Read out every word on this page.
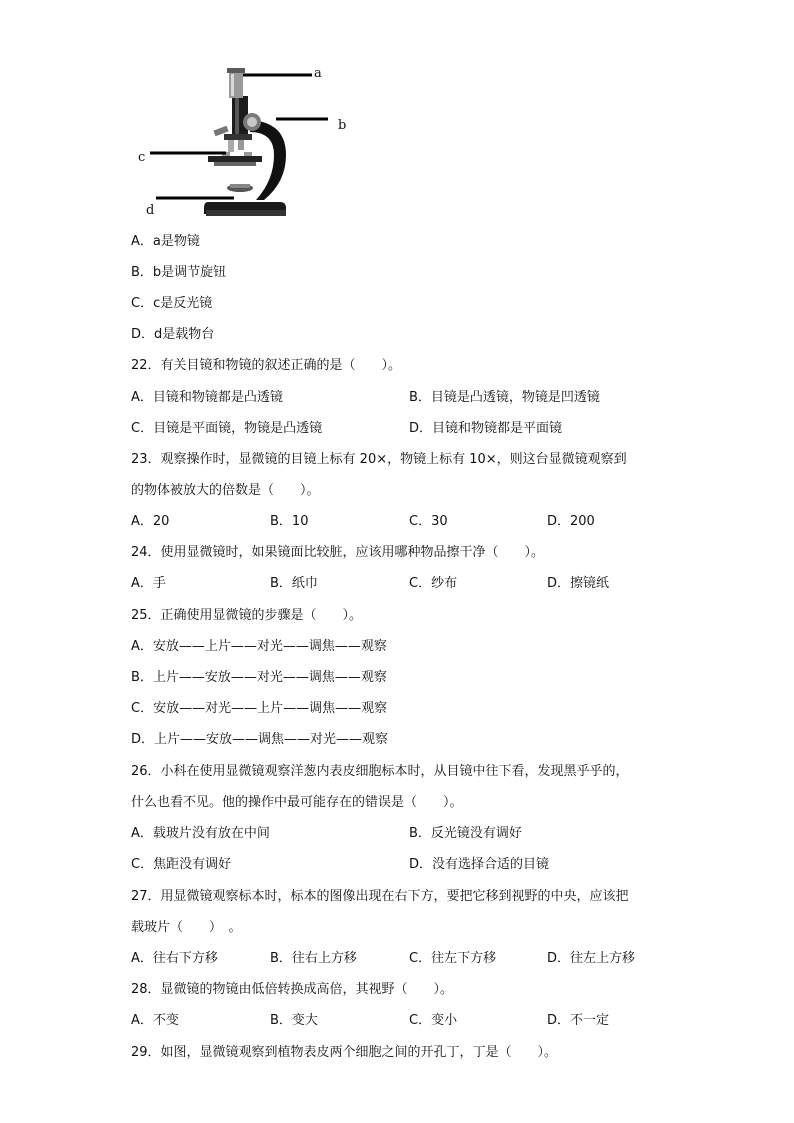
a
b
c
d
A．a是物镜
B．b是调节旋钮
C．c是反光镜
D．d是载物台
22．有关目镜和物镜的叙述正确的是（　　）。
A．目镜和物镜都是凸透镜	B．目镜是凸透镜，物镜是凹透镜
C．目镜是平面镜，物镜是凸透镜	D．目镜和物镜都是平面镜
23．观察操作时，显微镜的目镜上标有 20×，物镜上标有 10×，则这台显微镜观察到
的物体被放大的倍数是（　　）。
A．20	B．10	C．30	D．200
24．使用显微镜时，如果镜面比较脏，应该用哪种物品擦干净（　　）。
A．手	B．纸巾	C．纱布	D．擦镜纸
25．正确使用显微镜的步骤是（　　）。
A．安放——上片——对光——调焦——观察
B．上片——安放——对光——调焦——观察
C．安放——对光——上片——调焦——观察
D．上片——安放——调焦——对光——观察
26．小科在使用显微镜观察洋葱内表皮细胞标本时，从目镜中往下看，发现黑乎乎的，
什么也看不见。他的操作中最可能存在的错误是（　　）。
A．载玻片没有放在中间	B．反光镜没有调好
C．焦距没有调好	D．没有选择合适的目镜
27．用显微镜观察标本时，标本的图像出现在右下方，要把它移到视野的中央，应该把
载玻片（　　）　。
A．往右下方移	B．往右上方移	C．往左下方移	D．往左上方移
28．显微镜的物镜由低倍转换成高倍，其视野（　　）。
A．不变	B．变大	C．变小	D．不一定
29．如图，显微镜观察到植物表皮两个细胞之间的开孔丁，丁是（　　）。
